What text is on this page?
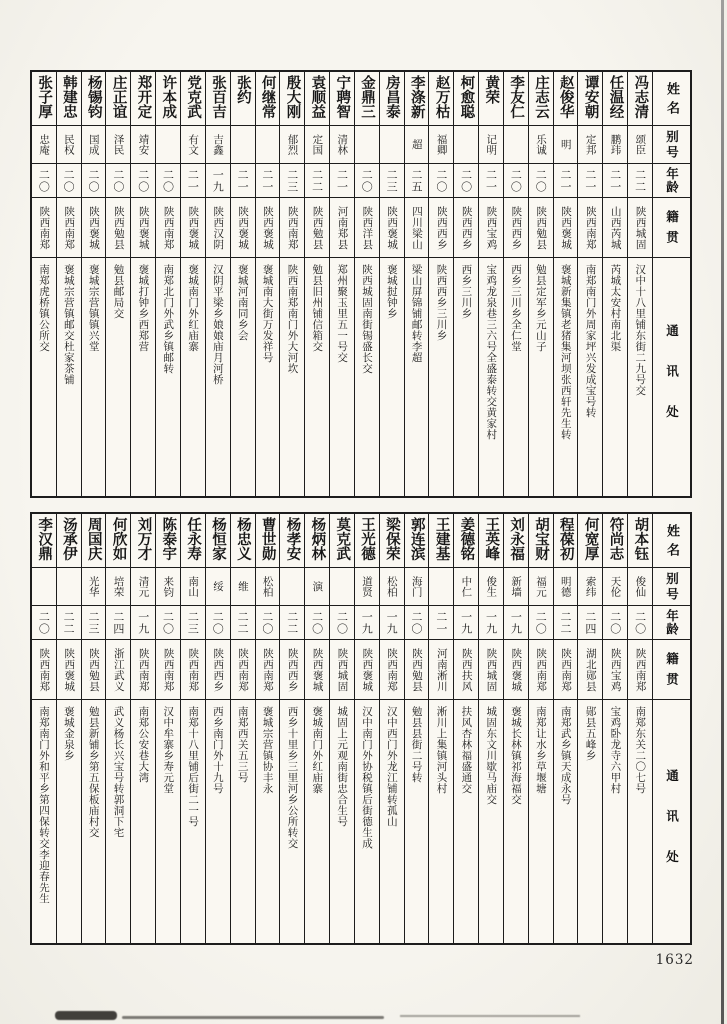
姓名
别号
年龄
籍贯
通讯处
冯志清
颂臣
二二
陕西城固
汉中十八里铺东街二九号交
任温经
鹏玮
二一
山西芮城
芮城太安村南北渠
谭安朝
定邦
二一
陕西南郑
南郑南门外周家坪兴发成宝号转
赵俊华
明
二一
陕西褒城
褒城新集镇老猪集河坝张西轩先生转
庄志云
乐诚
二〇
陕西勉县
勉县定军乡元山子
李友仁
二〇
陕西西乡
西乡三川乡全仁堂
黄荣
记明
二一
陕西宝鸡
宝鸡龙泉巷三六号全盛泰转交黄家村
柯愈聪
二〇
陕西西乡
西乡三川乡
赵万枯
福卿
二〇
陕西西乡
陕西西乡三川乡
李涤新
超
二五
四川梁山
梁山屏锦铺邮转李超
房昌泰
二三
陕西褒城
褒城挝钟乡
金鼎三
二〇
陕西洋县
陕西城固南街锡盛长交
宁聘智
清林
二一
河南郑县
郑州聚玉里五一号交
袁顺益
定国
二二
陕西勉县
勉县旧州铺信箱交
殷大刚
郁烈
二三
陕西南郑
陕西南郑南门外大河坎
何继常
二一
陕西褒城
褒城南大街万发祥号
张约
二一
陕西褒城
褒城河南同乡会
张百吉
吉鑫
一九
陕西汉阴
汉阴平梁乡娘娘庙月河桥
党克武
有文
二一
陕西褒城
褒城南门外红庙寨
许本成
二〇
陕西南郑
南郑北门外武乡镇邮转
郑开定
靖安
二〇
陕西褒城
褒城打钟乡西郑营
庄正谊
泽民
二〇
陕西勉县
勉县邮局交
杨锡钧
国成
二〇
陕西褒城
褒城宗营镇镇兴堂
韩建忠
民权
二〇
陕西南郑
褒城宗营镇邮交杜家茶铺
张子厚
忠庵
二〇
陕西南郑
南郑虎桥镇公所交
姓名
别号
年龄
籍贯
通讯处
胡本钰
俊仙
二〇
陕西南郑
南郑东关二〇七号
符尚志
天伦
二〇
陕西宝鸡
宝鸡卧龙寺六甲村
何宽厚
索纬
二四
湖北郧县
郧县五峰乡
程葆初
明德
二二
陕西南郑
南郑武乡镇天成永号
胡宝财
福元
二〇
陕西南郑
南郑让水乡草堰塘
刘永福
新墙
一九
陕西褒城
褒城长林镇祁海福交
王英峰
俊生
一九
陕西城固
城固东文川歇马庙交
姜德铭
中仁
一九
陕西扶风
扶风杏林福盛通交
王建基
二一
河南淅川
淅川上集镇河头村
郭连滨
海门
二〇
陕西勉县
勉县县街二号转
梁保荣
松柏
一九
陕西南郑
汉中西门外龙江铺转孤山
王光德
道贤
一九
陕西褒城
汉中南门外协税镇后街德生成
莫克武
二〇
陕西城固
城固上元观南街忠合生号
杨炳林
演
二〇
陕西褒城
褒城南门外红庙寨
杨孝安
二二
陕西西乡
西乡十里乡三里河乡公所转交
曹世勋
松柏
二〇
陕西南郑
褒城宗营镇协丰永
杨忠义
维
二二
陕西南郑
南郑西关五三号
杨恒家
绥
二〇
陕西西乡
西乡南门外十九号
任永寿
南山
二三
陕西南郑
南郑十八里铺后街二一号
陈泰宇
来钧
二〇
陕西南郑
汉中牟寨乡寿元堂
刘万才
清元
一九
陕西南郑
南郑公安巷大湾
何欣如
培荣
二四
浙江武义
武义杨长兴宝号转郭洞下宅
周国庆
光华
二三
陕西勉县
勉县新铺乡第五保板庙村交
汤承伊
二二
陕西褒城
褒城金泉乡
李汉鼎
二〇
陕西南郑
南郑南门外和平乡第四保转交李迎春先生
1632
